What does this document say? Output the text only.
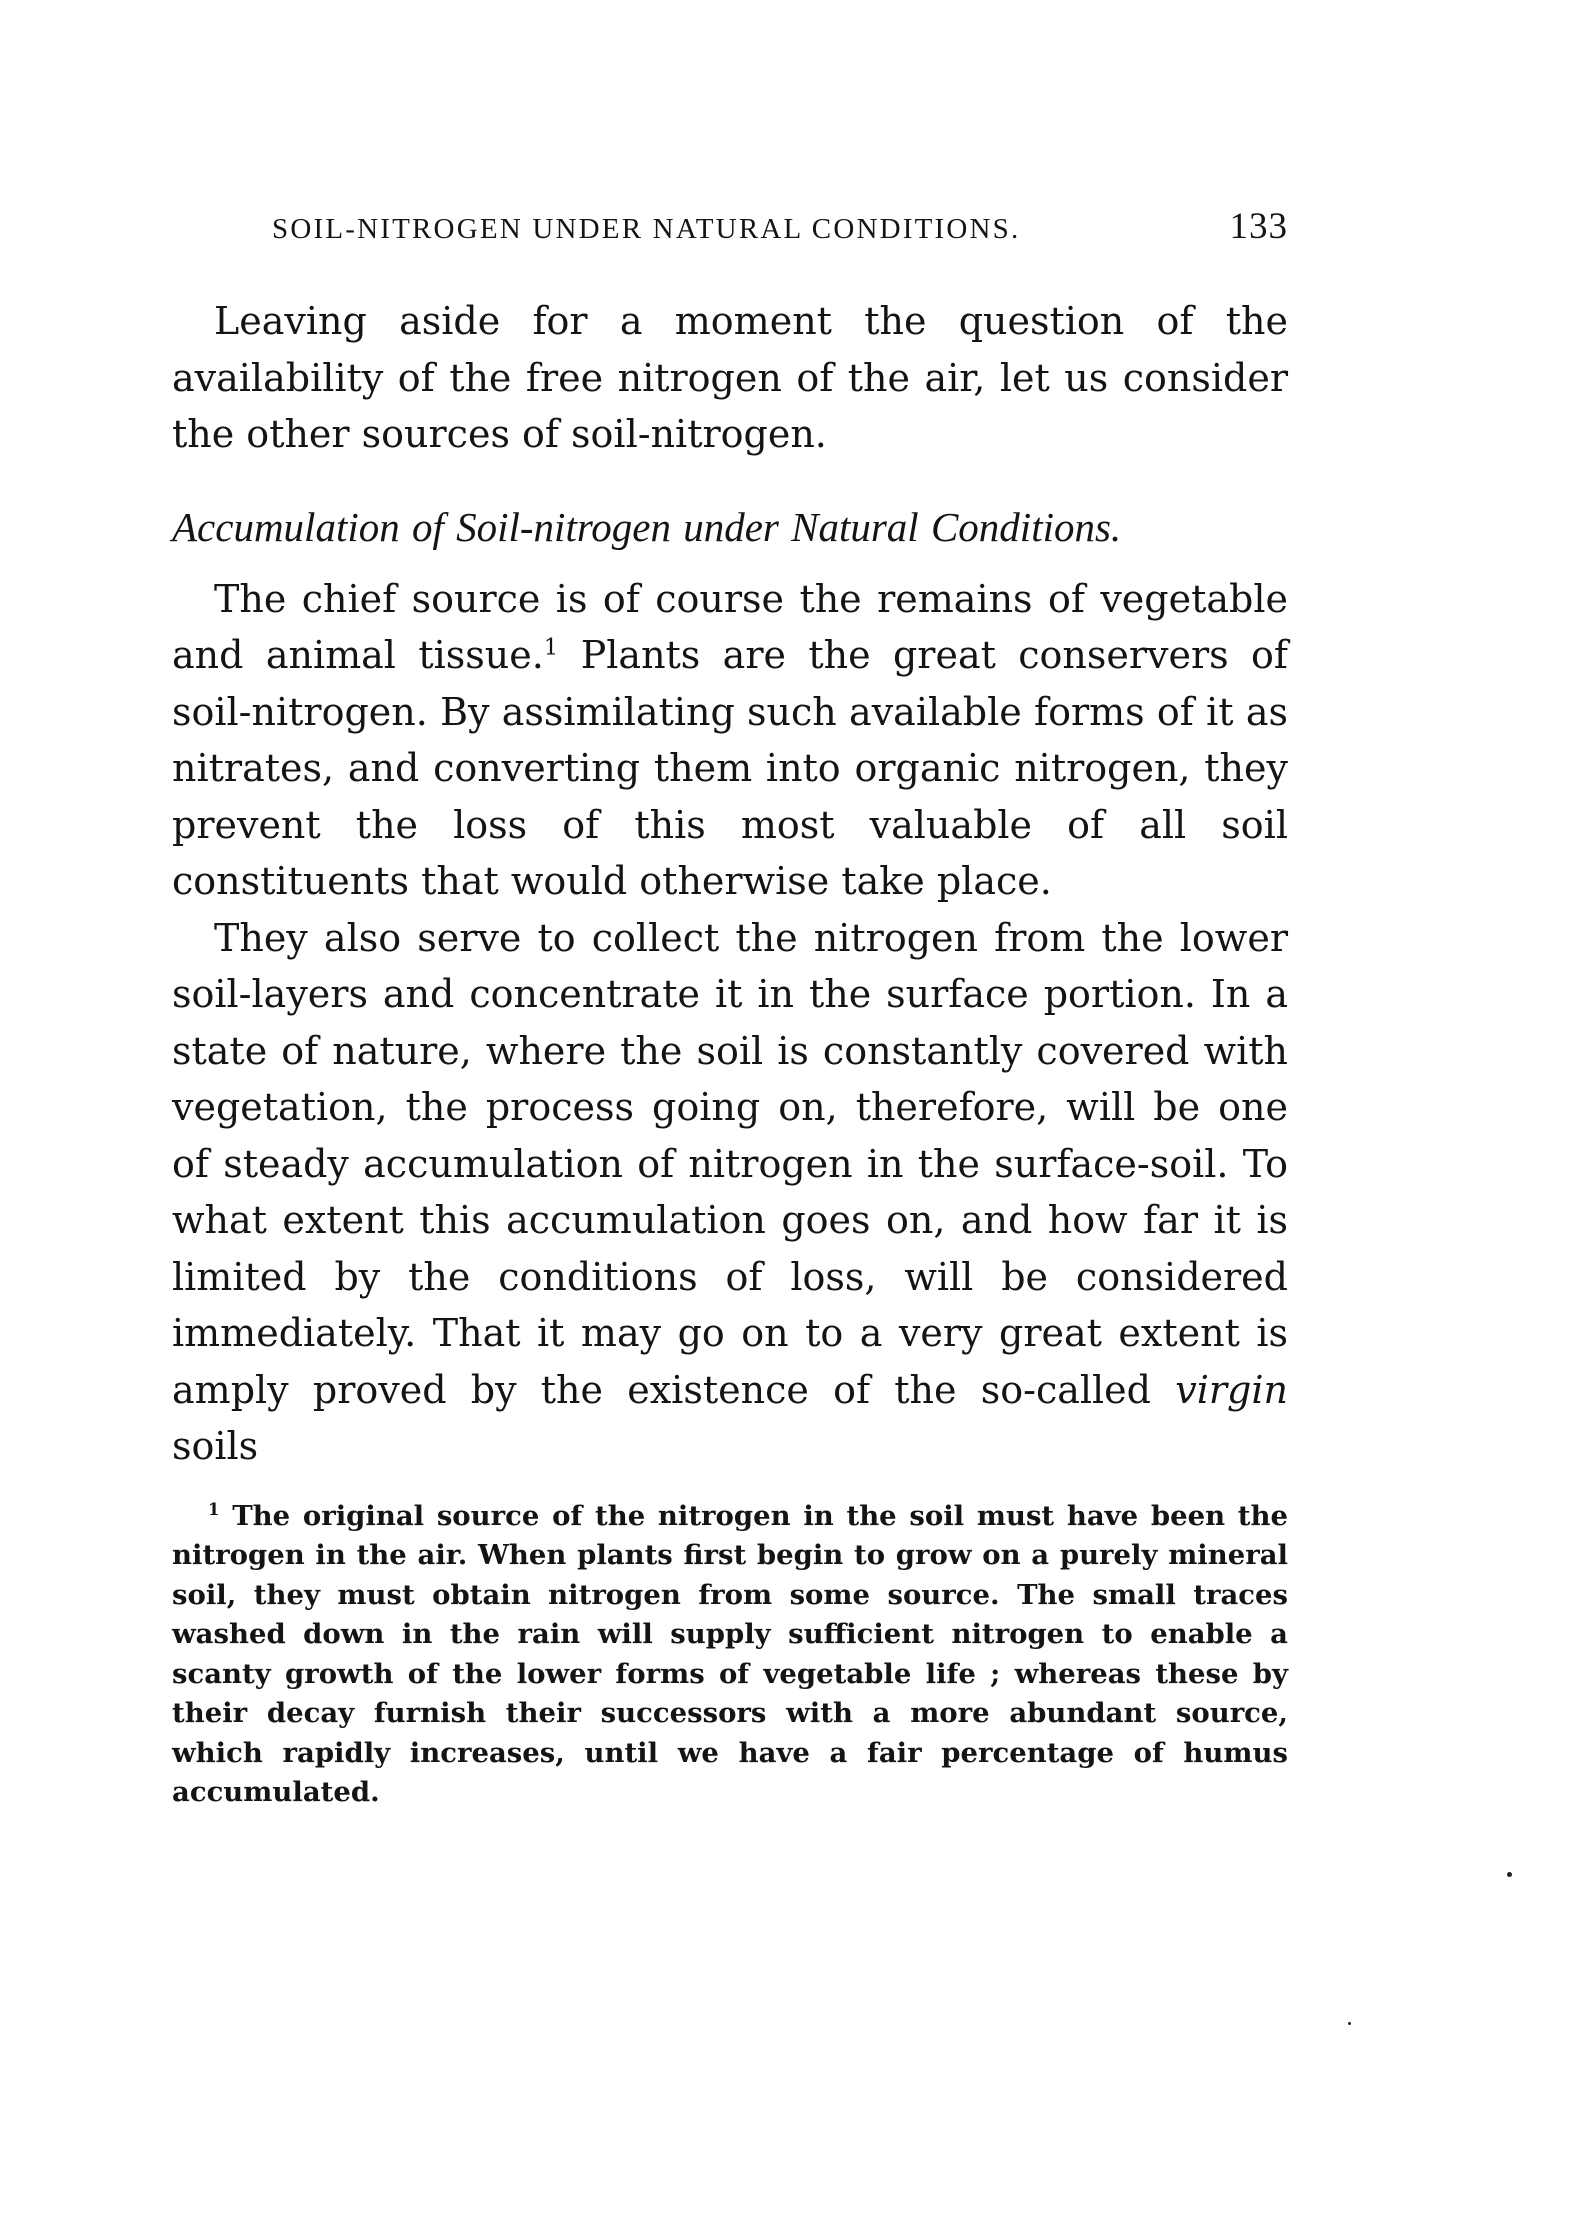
SOIL-NITROGEN UNDER NATURAL CONDITIONS.	133

Leaving aside for a moment the question of the availability of the free nitrogen of the air, let us consider the other sources of soil-nitrogen.

Accumulation of Soil-nitrogen under Natural Conditions.

The chief source is of course the remains of vegetable and animal tissue.$^1$ Plants are the great conservers of soil-nitrogen. By assimilating such available forms of it as nitrates, and converting them into organic nitrogen, they prevent the loss of this most valuable of all soil constituents that would otherwise take place.

They also serve to collect the nitrogen from the lower soil-layers and concentrate it in the surface portion. In a state of nature, where the soil is constantly covered with vegetation, the process going on, therefore, will be one of steady accumulation of nitrogen in the surface-soil. To what extent this accumulation goes on, and how far it is limited by the conditions of loss, will be considered immediately. That it may go on to a very great extent is amply proved by the existence of the so-called virgin soils

$^1$ The original source of the nitrogen in the soil must have been the nitrogen in the air. When plants first begin to grow on a purely mineral soil, they must obtain nitrogen from some source. The small traces washed down in the rain will supply sufficient nitrogen to enable a scanty growth of the lower forms of vegetable life ; whereas these by their decay furnish their successors with a more abundant source, which rapidly increases, until we have a fair percentage of humus accumulated.
